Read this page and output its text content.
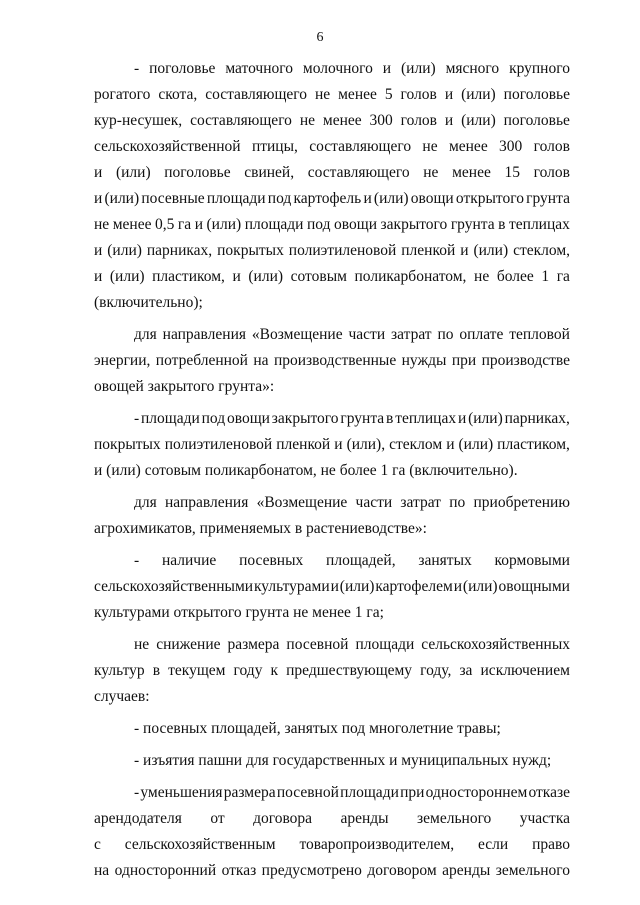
6
- поголовье маточного молочного и (или) мясного крупного
рогатого скота, составляющего не менее 5 голов и (или) поголовье
кур-несушек, составляющего не менее 300 голов и (или) поголовье
сельскохозяйственной птицы, составляющего не менее 300 голов
и (или) поголовье свиней, составляющего не менее 15 голов
и (или) посевные площади под картофель и (или) овощи открытого грунта
не менее 0,5 га и (или) площади под овощи закрытого грунта в теплицах
и (или) парниках, покрытых полиэтиленовой пленкой и (или) стеклом,
и (или) пластиком, и (или) сотовым поликарбонатом, не более 1 га
(включительно);
для направления «Возмещение части затрат по оплате тепловой
энергии, потребленной на производственные нужды при производстве
овощей закрытого грунта»:
- площади под овощи закрытого грунта в теплицах и (или) парниках,
покрытых полиэтиленовой пленкой и (или), стеклом и (или) пластиком,
и (или) сотовым поликарбонатом, не более 1 га (включительно).
для направления «Возмещение части затрат по приобретению
агрохимикатов, применяемых в растениеводстве»:
- наличие посевных площадей, занятых кормовыми
сельскохозяйственными культурами и (или) картофелем и (или) овощными
культурами открытого грунта не менее 1 га;
не снижение размера посевной площади сельскохозяйственных
культур в текущем году к предшествующему году, за исключением
случаев:
- посевных площадей, занятых под многолетние травы;
- изъятия пашни для государственных и муниципальных нужд;
- уменьшения размера посевной площади при одностороннем отказе
арендодателя от договора аренды земельного участка
с сельскохозяйственным товаропроизводителем, если право
на односторонний отказ предусмотрено договором аренды земельного
